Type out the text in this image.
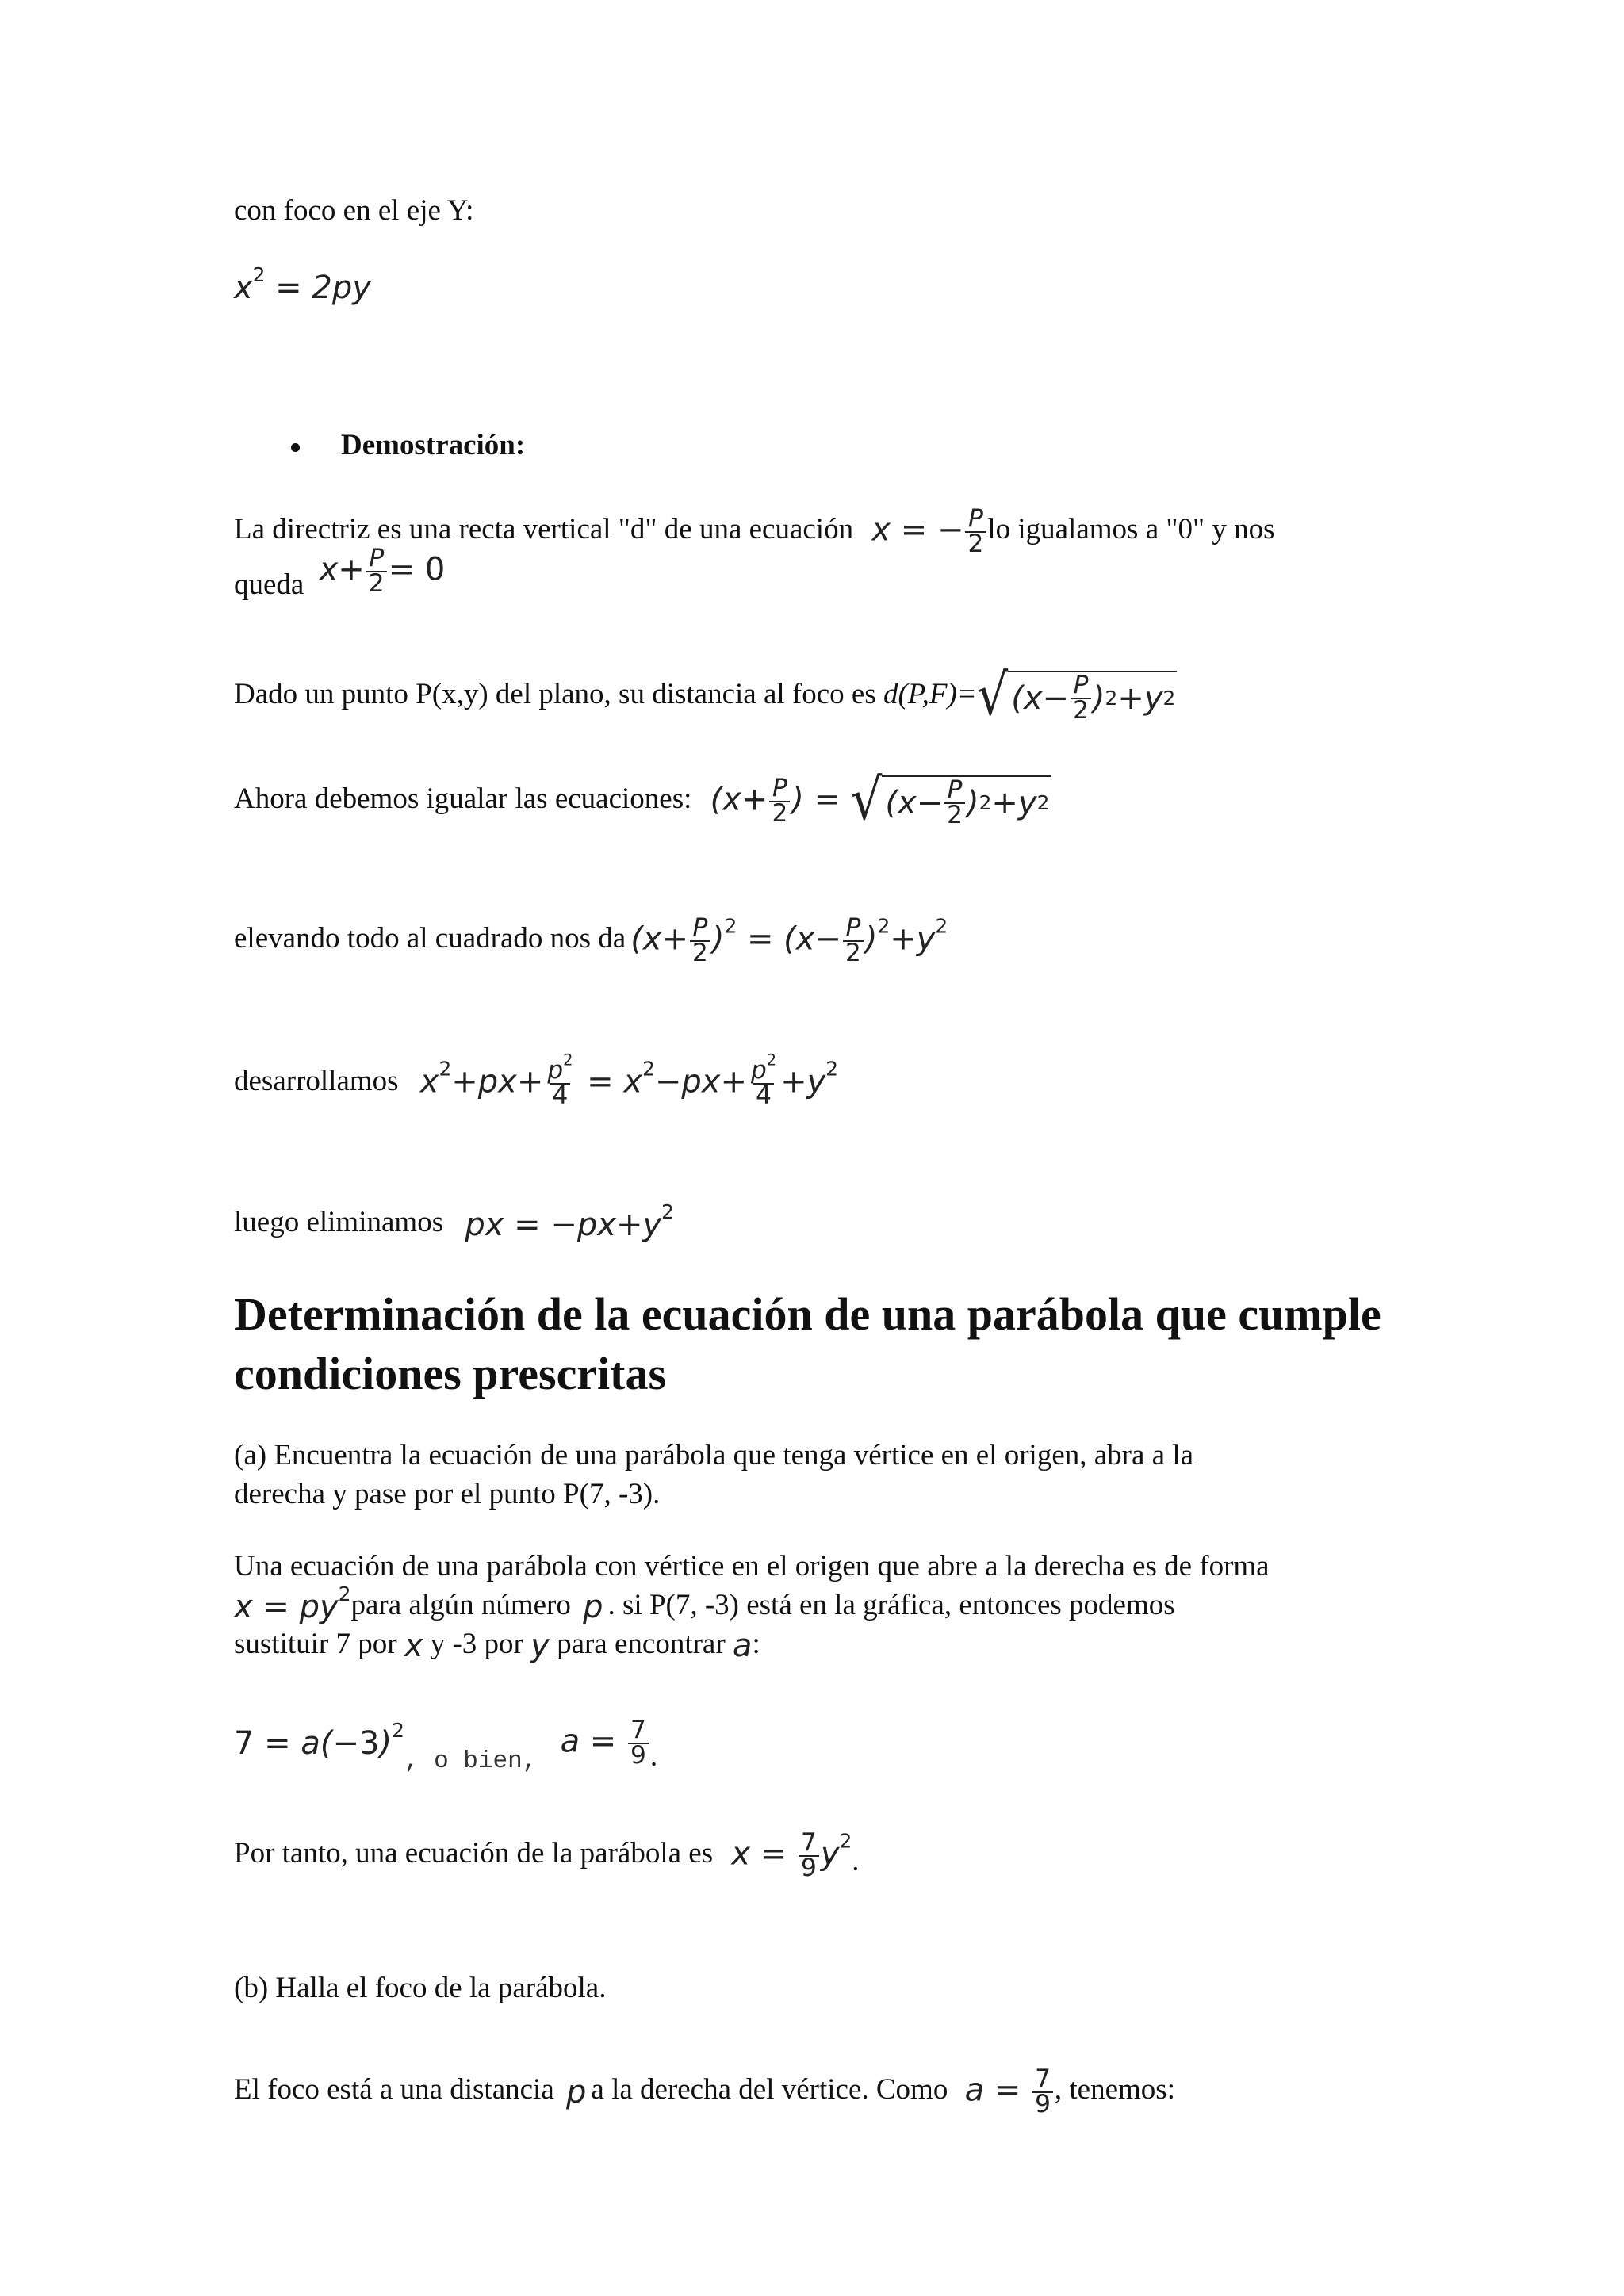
con foco en el eje Y:
$x^2 = 2py$
Demostración:
La directriz es una recta vertical "d" de una ecuación x = − $\frac{P}{2}$ lo igualamos a "0" y nos
queda $x+ \frac{P}{2} = 0$
Dado un punto P(x,y) del plano, su distancia al foco es d(P,F)= √ ($x- \frac{P}{2}$ ) 2 +y 2
Ahora debemos igualar las ecuaciones: ($x+ \frac{P}{2}$ ) = √ ($x- \frac{P}{2}$ ) 2 +y 2
elevando todo al cuadrado nos da $(x+ \frac{P}{2} )^2 = (x- \frac{P}{2} )^2+y^2$
desarrollamos $x^2+px+ \frac{p^2}{4} = x^2-px+ \frac{p^2}{4} +y^2$
luego eliminamos px = $-px+y^2$
Determinación de la ecuación de una parábola que cumple condiciones prescritas
(a) Encuentra la ecuación de una parábola que tenga vértice en el origen, abra a la
derecha y pase por el punto P(7, -3).
Una ecuación de una parábola con vértice en el origen que abre a la derecha es de forma
$x = py^2para$ algún número p . si P(7, -3) está en la gráfica, entonces podemos
sustituir 7 por x y -3 por y para encontrar a:
$7 = a(-3)^2_{, o bien,}$ $a = \frac{7}{9}$ .
Por tanto, una ecuación de la parábola es $x = \frac{7}{9} y^2$.
(b) Halla el foco de la parábola.
El foco está a una distancia p a la derecha del vértice. Como $a = \frac{7}{9}$ , tenemos:
